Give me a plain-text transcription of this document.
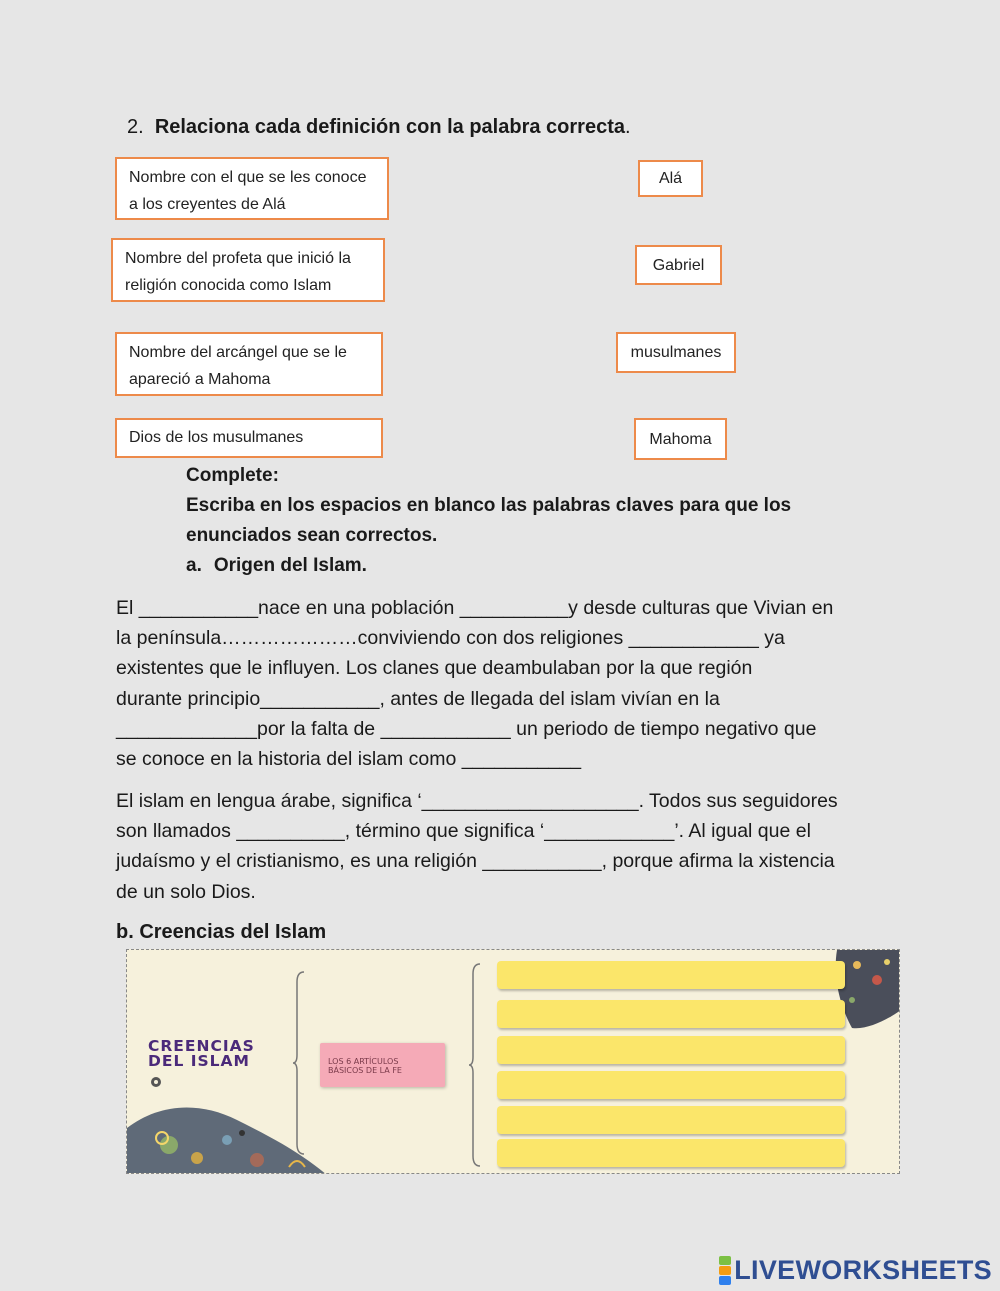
2. Relaciona cada definición con la palabra correcta.
Nombre con el que se les conoce a los creyentes de Alá
Nombre del profeta que inició la religión conocida como Islam
Nombre del arcángel que se le apareció a Mahoma
Dios de los musulmanes
Alá
Gabriel
musulmanes
Mahoma
Complete:
Escriba en los espacios en blanco las palabras claves para que los enunciados sean correctos.
a. Origen del Islam.
El ___________nace en una población __________y desde culturas que Vivian en
la península…………………conviviendo con dos religiones ____________ ya
existentes que le influyen. Los clanes que deambulaban por la que región
durante principio___________, antes de llegada del islam vivían en la
_____________por la falta de ____________ un periodo de tiempo negativo que
se conoce en la historia del islam como ___________
El islam en lengua árabe, significa ‘____________________. Todos sus seguidores
son llamados __________, término que significa ‘____________’. Al igual que el
judaísmo y el cristianismo, es una religión ___________, porque afirma la xistencia
de un solo Dios.
b. Creencias del Islam
CREENCIAS
DEL ISLAM	LOS 6 ARTÍCULOS
BÁSICOS DE LA FE
LIVEWORKSHEETS
